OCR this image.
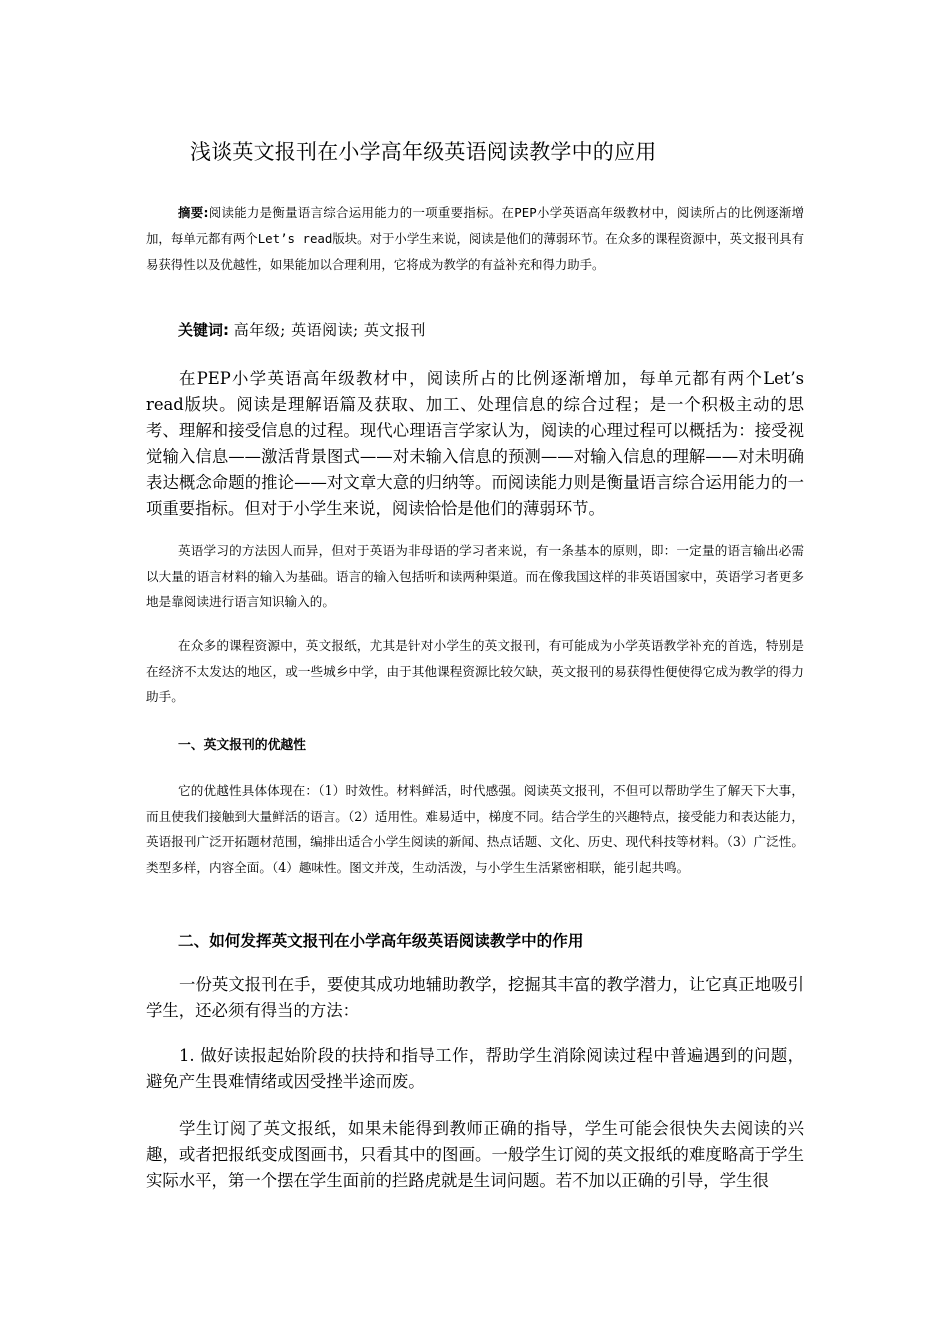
浅谈英文报刊在小学高年级英语阅读教学中的应用

摘要:阅读能力是衡量语言综合运用能力的一项重要指标。在PEP小学英语高年级教材中，阅读所占的比例逐渐增加，每单元都有两个Let’s read版块。对于小学生来说，阅读是他们的薄弱环节。在众多的课程资源中，英文报刊具有易获得性以及优越性，如果能加以合理利用，它将成为教学的有益补充和得力助手。

关键词: 高年级; 英语阅读; 英文报刊

在PEP小学英语高年级教材中，阅读所占的比例逐渐增加，每单元都有两个Let’s read版块。阅读是理解语篇及获取、加工、处理信息的综合过程；是一个积极主动的思考、理解和接受信息的过程。现代心理语言学家认为，阅读的心理过程可以概括为：接受视觉输入信息——激活背景图式——对未输入信息的预测——对输入信息的理解——对未明确表达概念命题的推论——对文章大意的归纳等。而阅读能力则是衡量语言综合运用能力的一项重要指标。但对于小学生来说，阅读恰恰是他们的薄弱环节。

英语学习的方法因人而异，但对于英语为非母语的学习者来说，有一条基本的原则，即：一定量的语言输出必需以大量的语言材料的输入为基础。语言的输入包括听和读两种渠道。而在像我国这样的非英语国家中，英语学习者更多地是靠阅读进行语言知识输入的。

在众多的课程资源中，英文报纸，尤其是针对小学生的英文报刊，有可能成为小学英语教学补充的首选，特别是在经济不太发达的地区，或一些城乡中学，由于其他课程资源比较欠缺，英文报刊的易获得性便使得它成为教学的得力助手。

一、英文报刊的优越性

它的优越性具体体现在：（1）时效性。材料鲜活，时代感强。阅读英文报刊，不但可以帮助学生了解天下大事，而且使我们接触到大量鲜活的语言。（2）适用性。难易适中，梯度不同。结合学生的兴趣特点，接受能力和表达能力，英语报刊广泛开拓题材范围，编排出适合小学生阅读的新闻、热点话题、文化、历史、现代科技等材料。（3）广泛性。类型多样，内容全面。（4）趣味性。图文并茂，生动活泼，与小学生生活紧密相联，能引起共鸣。

二、如何发挥英文报刊在小学高年级英语阅读教学中的作用

一份英文报刊在手，要使其成功地辅助教学，挖掘其丰富的教学潜力，让它真正地吸引学生，还必须有得当的方法：

1. 做好读报起始阶段的扶持和指导工作，帮助学生消除阅读过程中普遍遇到的问题，避免产生畏难情绪或因受挫半途而废。

学生订阅了英文报纸，如果未能得到教师正确的指导，学生可能会很快失去阅读的兴趣，或者把报纸变成图画书，只看其中的图画。一般学生订阅的英文报纸的难度略高于学生实际水平，第一个摆在学生面前的拦路虎就是生词问题。若不加以正确的引导，学生很
